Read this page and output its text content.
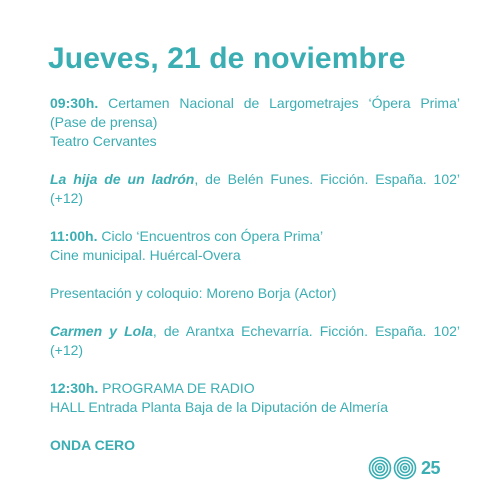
Jueves, 21 de noviembre
09:30h. Certamen Nacional de Largometrajes ‘Ópera Prima’ (Pase de prensa)
Teatro Cervantes
La hija de un ladrón, de Belén Funes. Ficción. España. 102’ (+12)
11:00h. Ciclo ‘Encuentros con Ópera Prima’
Cine municipal. Huércal-Overa
Presentación y coloquio: Moreno Borja (Actor)
Carmen y Lola, de Arantxa Echevarría. Ficción. España. 102’ (+12)
12:30h. PROGRAMA DE RADIO
HALL Entrada Planta Baja de la Diputación de Almería
ONDA CERO
25
